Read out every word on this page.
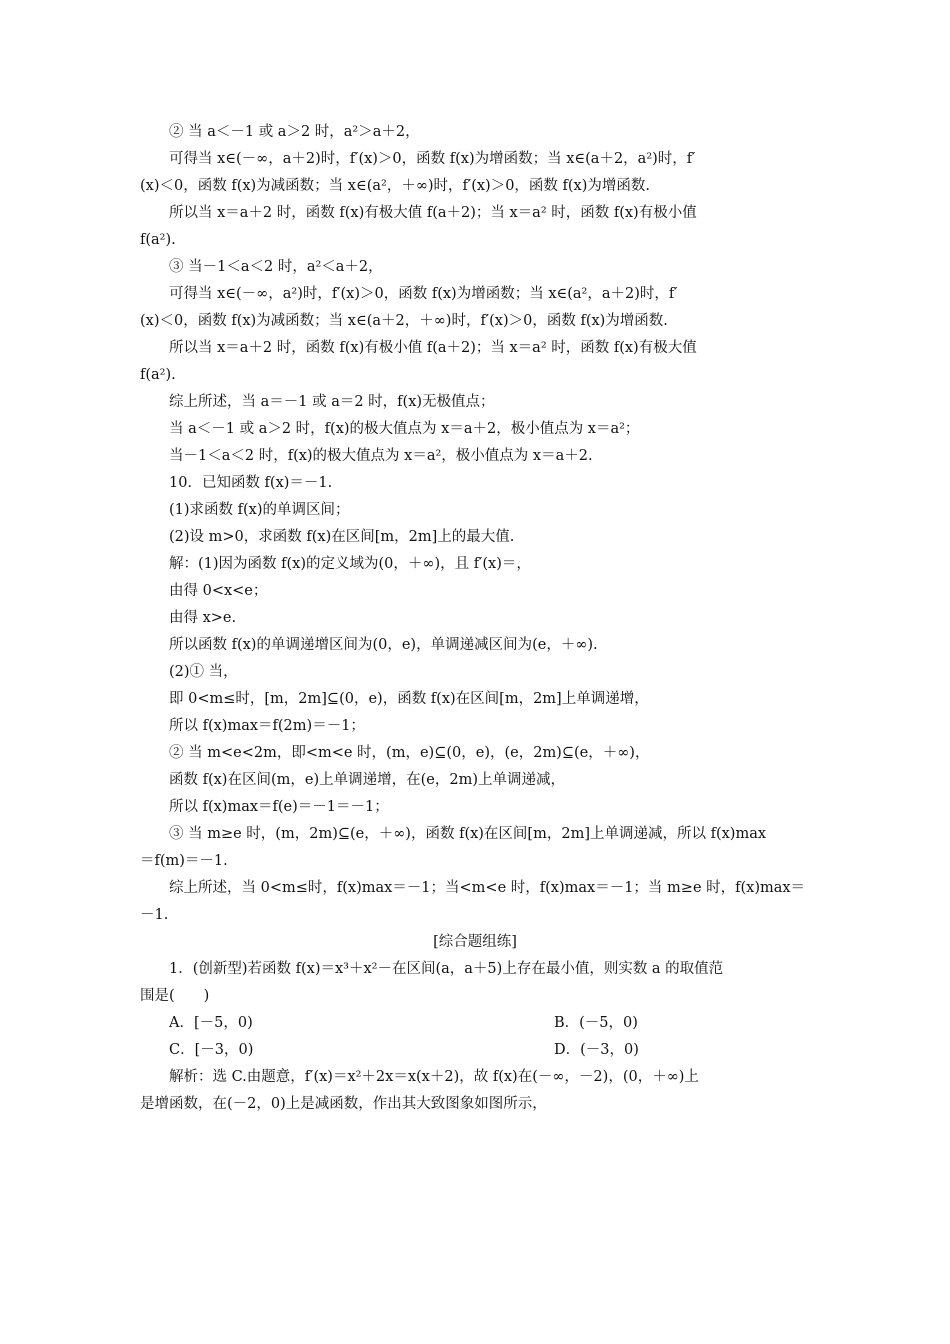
② 当 a＜－1 或 a＞2 时，a²＞a＋2，
可得当 x∈(－∞，a＋2)时，f′(x)＞0，函数 f(x)为增函数；当 x∈(a＋2，a²)时，f′
(x)＜0，函数 f(x)为减函数；当 x∈(a²，＋∞)时，f′(x)＞0，函数 f(x)为增函数.
所以当 x＝a＋2 时，函数 f(x)有极大值 f(a＋2)；当 x＝a² 时，函数 f(x)有极小值
f(a²).
③ 当－1＜a＜2 时，a²＜a＋2，
可得当 x∈(－∞，a²)时，f′(x)＞0，函数 f(x)为增函数；当 x∈(a²，a＋2)时，f′
(x)＜0，函数 f(x)为减函数；当 x∈(a＋2，＋∞)时，f′(x)＞0，函数 f(x)为增函数.
所以当 x＝a＋2 时，函数 f(x)有极小值 f(a＋2)；当 x＝a² 时，函数 f(x)有极大值
f(a²).
综上所述，当 a＝－1 或 a＝2 时，f(x)无极值点；
当 a＜－1 或 a＞2 时，f(x)的极大值点为 x＝a＋2，极小值点为 x＝a²；
当－1＜a＜2 时，f(x)的极大值点为 x＝a²，极小值点为 x＝a＋2.
10．已知函数 f(x)＝－1.
(1)求函数 f(x)的单调区间；
(2)设 m>0，求函数 f(x)在区间[m，2m]上的最大值.
解：(1)因为函数 f(x)的定义域为(0，＋∞)，且 f′(x)＝，
由得 0<x<e；
由得 x>e.
所以函数 f(x)的单调递增区间为(0，e)，单调递减区间为(e，＋∞).
(2)① 当，
即 0<m≤时，[m，2m]⊆(0，e)，函数 f(x)在区间[m，2m]上单调递增，
所以 f(x)max＝f(2m)＝－1；
② 当 m<e<2m，即<m<e 时，(m，e)⊆(0，e)，(e，2m)⊆(e，＋∞)，
函数 f(x)在区间(m，e)上单调递增，在(e，2m)上单调递减，
所以 f(x)max＝f(e)＝－1＝－1；
③ 当 m≥e 时，(m，2m)⊆(e，＋∞)，函数 f(x)在区间[m，2m]上单调递减，所以 f(x)max
＝f(m)＝－1.
综上所述，当 0<m≤时，f(x)max＝－1；当<m<e 时，f(x)max＝－1；当 m≥e 时，f(x)max＝
－1.
[综合题组练]
1．(创新型)若函数 f(x)＝x³＋x²－在区间(a，a＋5)上存在最小值，则实数 a 的取值范
围是(　　)
A．[－5，0)	B．(－5，0)
C．[－3，0)	D．(－3，0)
解析：选 C.由题意，f′(x)＝x²＋2x＝x(x＋2)，故 f(x)在(－∞，－2)，(0，＋∞)上
是增函数，在(－2，0)上是减函数，作出其大致图象如图所示，
